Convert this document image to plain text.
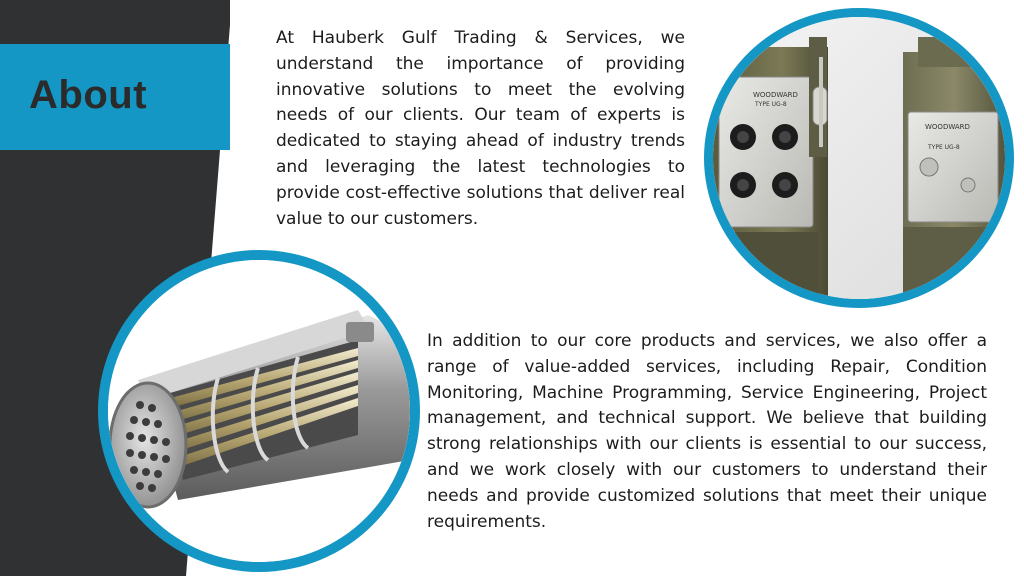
About

At Hauberk Gulf Trading & Services, we understand the importance of providing innovative solutions to meet the evolving needs of our clients. Our team of experts is dedicated to staying ahead of industry trends and leveraging the latest technologies to provide cost-effective solutions that deliver real value to our customers.

WOODWARD
TYPE UG-8
WOODWARD
TYPE UG-8

In addition to our core products and services, we also offer a range of value-added services, including Repair, Condition Monitoring, Machine Programming, Service Engineering, Project management, and technical support. We believe that building strong relationships with our clients is essential to our success, and we work closely with our customers to understand their needs and provide customized solutions that meet their unique requirements.
